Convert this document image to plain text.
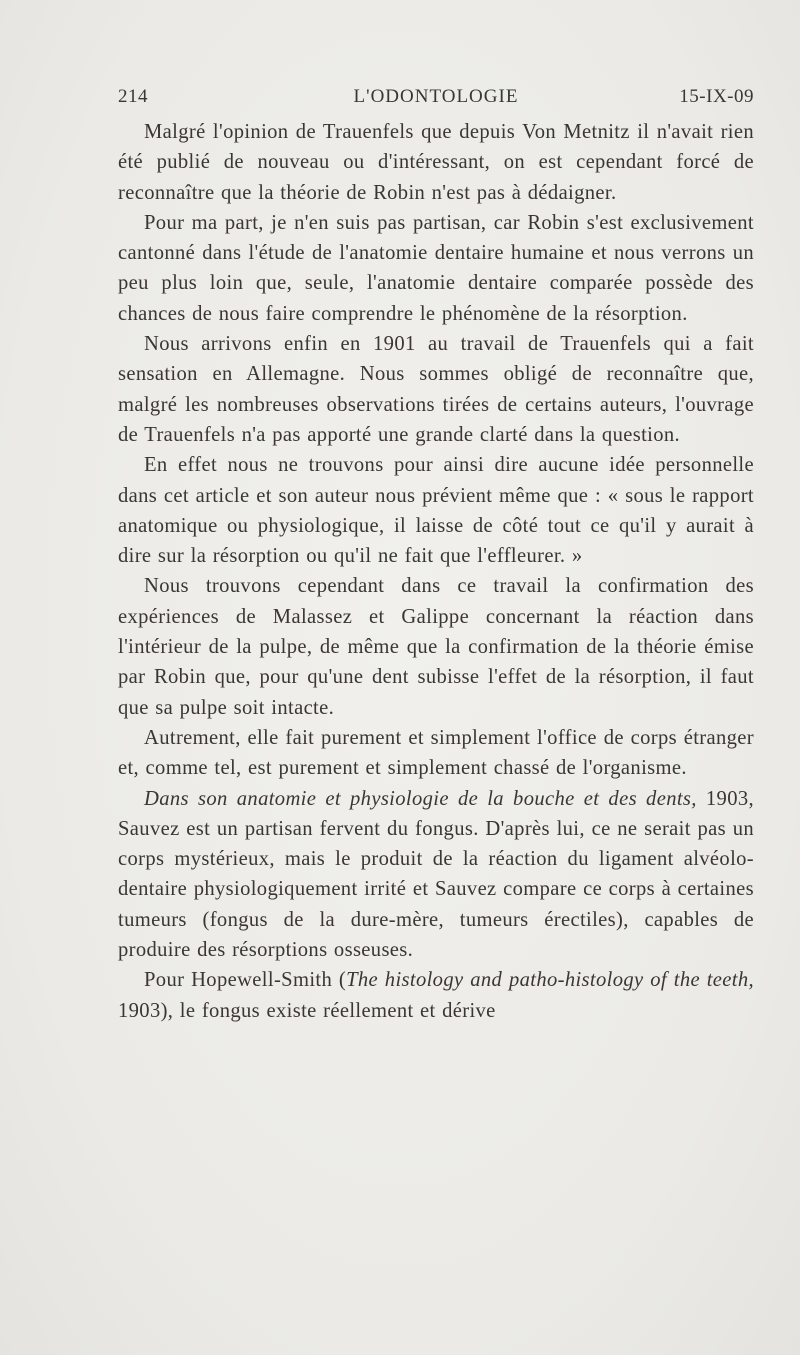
214	L'ODONTOLOGIE	15-IX-09

Malgré l'opinion de Trauenfels que depuis Von Metnitz il n'avait rien été publié de nouveau ou d'intéressant, on est cependant forcé de reconnaître que la théorie de Robin n'est pas à dédaigner.

Pour ma part, je n'en suis pas partisan, car Robin s'est exclusivement cantonné dans l'étude de l'anatomie dentaire humaine et nous verrons un peu plus loin que, seule, l'anatomie dentaire comparée possède des chances de nous faire comprendre le phénomène de la résorption.

Nous arrivons enfin en 1901 au travail de Trauenfels qui a fait sensation en Allemagne. Nous sommes obligé de reconnaître que, malgré les nombreuses observations tirées de certains auteurs, l'ouvrage de Trauenfels n'a pas apporté une grande clarté dans la question.

En effet nous ne trouvons pour ainsi dire aucune idée personnelle dans cet article et son auteur nous prévient même que : « sous le rapport anatomique ou physiologique, il laisse de côté tout ce qu'il y aurait à dire sur la résorption ou qu'il ne fait que l'effleurer. »

Nous trouvons cependant dans ce travail la confirmation des expériences de Malassez et Galippe concernant la réaction dans l'intérieur de la pulpe, de même que la confirmation de la théorie émise par Robin que, pour qu'une dent subisse l'effet de la résorption, il faut que sa pulpe soit intacte.

Autrement, elle fait purement et simplement l'office de corps étranger et, comme tel, est purement et simplement chassé de l'organisme.

Dans son anatomie et physiologie de la bouche et des dents, 1903, Sauvez est un partisan fervent du fongus. D'après lui, ce ne serait pas un corps mystérieux, mais le produit de la réaction du ligament alvéolo-dentaire physiologiquement irrité et Sauvez compare ce corps à certaines tumeurs (fongus de la dure-mère, tumeurs érectiles), capables de produire des résorptions osseuses.

Pour Hopewell-Smith (The histology and patho-histology of the teeth, 1903), le fongus existe réellement et dérive
